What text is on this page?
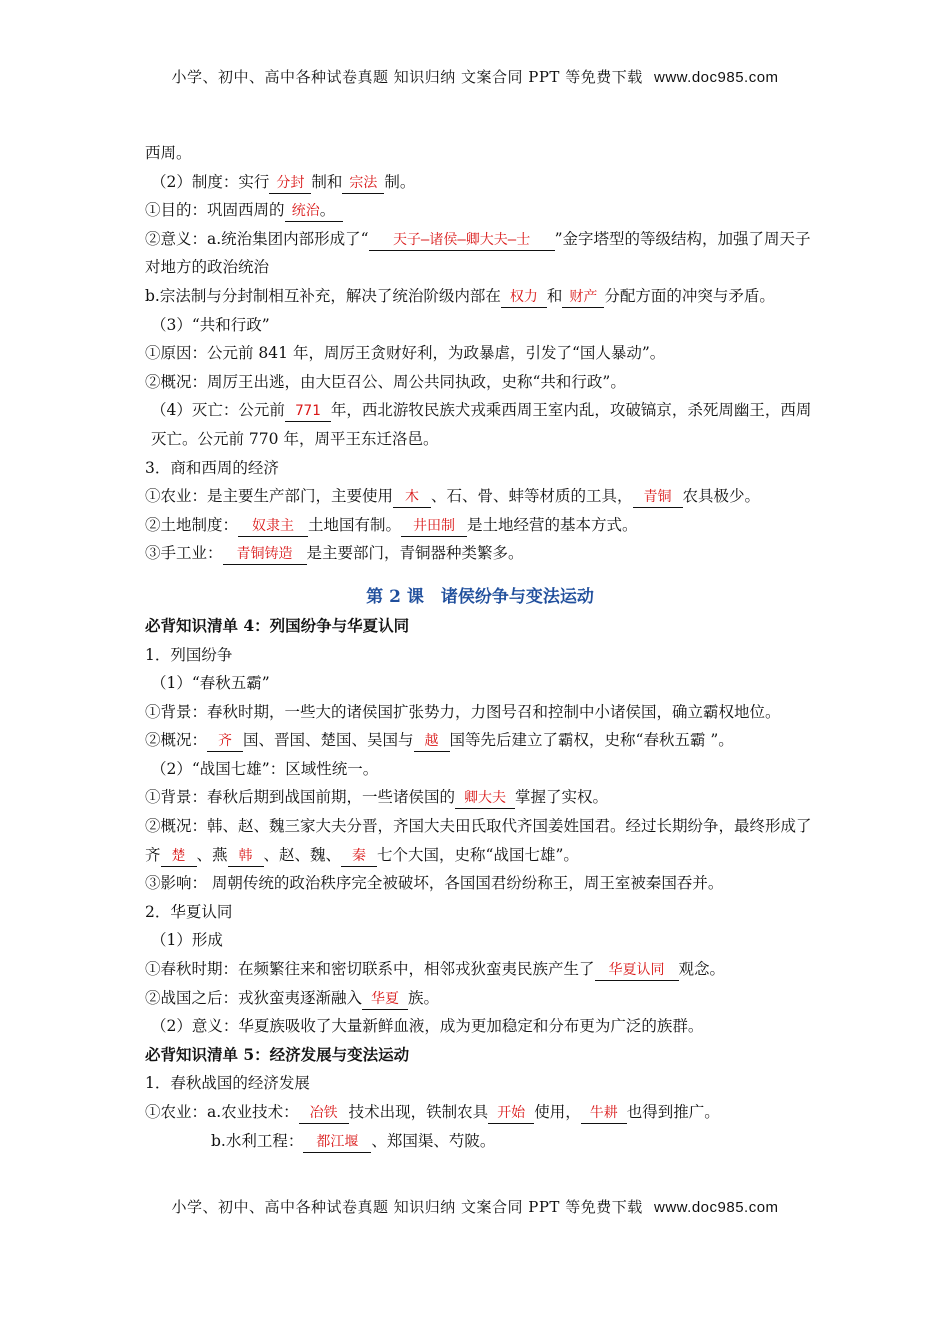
小学、初中、高中各种试卷真题 知识归纳 文案合同 PPT 等免费下载 www.doc985.com
西周。
（2）制度：实行 分封 制和 宗法 制。
①目的：巩固西周的 统治。
②意义：a.统治集团内部形成了“ 天子—诸侯—卿大夫—士 ”金字塔型的等级结构，加强了周天子对地方的政治统治
b.宗法制与分封制相互补充，解决了统治阶级内部在 权力 和 财产 分配方面的冲突与矛盾。
（3）“共和行政”
①原因：公元前 841 年，周厉王贪财好利，为政暴虐，引发了“国人暴动”。
②概况：周厉王出逃，由大臣召公、周公共同执政，史称“共和行政”。
（4）灭亡：公元前 771 年，西北游牧民族犬戎乘西周王室内乱，攻破镐京，杀死周幽王，西周灭亡。公元前 770 年，周平王东迁洛邑。
3．商和西周的经济
①农业：是主要生产部门，主要使用 木 、石、骨、蚌等材质的工具， 青铜 农具极少。
②土地制度： 奴隶主 土地国有制。 井田制 是土地经营的基本方式。
③手工业： 青铜铸造 是主要部门，青铜器种类繁多。
第 2 课　诸侯纷争与变法运动
必背知识清单 4：列国纷争与华夏认同
1．列国纷争
（1）“春秋五霸”
①背景：春秋时期，一些大的诸侯国扩张势力，力图号召和控制中小诸侯国，确立霸权地位。
②概况： 齐 国、晋国、楚国、吴国与 越 国等先后建立了霸权，史称“春秋五霸 ”。
（2）“战国七雄”：区域性统一。
①背景：春秋后期到战国前期，一些诸侯国的 卿大夫 掌握了实权。
②概况：韩、赵、魏三家大夫分晋，齐国大夫田氏取代齐国姜姓国君。经过长期纷争，最终形成了齐 楚 、燕 韩 、赵、魏、 秦 七个大国，史称“战国七雄”。
③影响： 周朝传统的政治秩序完全被破坏，各国国君纷纷称王，周王室被秦国吞并。
2．华夏认同
（1）形成
①春秋时期：在频繁往来和密切联系中，相邻戎狄蛮夷民族产生了 华夏认同 观念。
②战国之后：戎狄蛮夷逐渐融入 华夏 族。
（2）意义：华夏族吸收了大量新鲜血液，成为更加稳定和分布更为广泛的族群。
必背知识清单 5：经济发展与变法运动
1．春秋战国的经济发展
①农业：a.农业技术： 冶铁 技术出现，铁制农具 开始 使用， 牛耕 也得到推广。
b.水利工程： 都江堰 、郑国渠、芍陂。
小学、初中、高中各种试卷真题 知识归纳 文案合同 PPT 等免费下载 www.doc985.com
